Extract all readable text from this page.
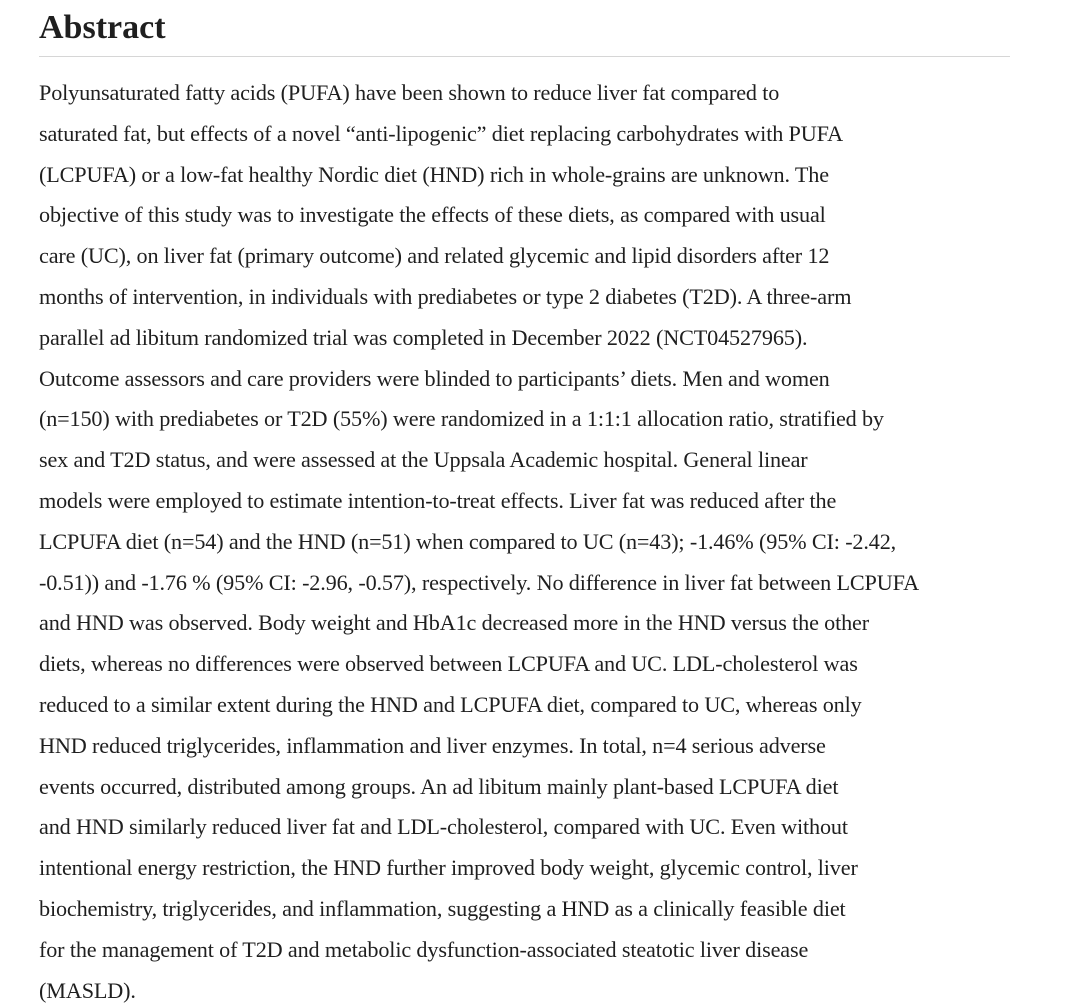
Abstract

Polyunsaturated fatty acids (PUFA) have been shown to reduce liver fat compared to
saturated fat, but effects of a novel “anti-lipogenic” diet replacing carbohydrates with PUFA
(LCPUFA) or a low-fat healthy Nordic diet (HND) rich in whole-grains are unknown. The
objective of this study was to investigate the effects of these diets, as compared with usual
care (UC), on liver fat (primary outcome) and related glycemic and lipid disorders after 12
months of intervention, in individuals with prediabetes or type 2 diabetes (T2D). A three-arm
parallel ad libitum randomized trial was completed in December 2022 (NCT04527965).
Outcome assessors and care providers were blinded to participants’ diets. Men and women
(n=150) with prediabetes or T2D (55%) were randomized in a 1:1:1 allocation ratio, stratified by
sex and T2D status, and were assessed at the Uppsala Academic hospital. General linear
models were employed to estimate intention-to-treat effects. Liver fat was reduced after the
LCPUFA diet (n=54) and the HND (n=51) when compared to UC (n=43); -1.46% (95% CI: -2.42,
-0.51)) and -1.76 % (95% CI: -2.96, -0.57), respectively. No difference in liver fat between LCPUFA
and HND was observed. Body weight and HbA1c decreased more in the HND versus the other
diets, whereas no differences were observed between LCPUFA and UC. LDL-cholesterol was
reduced to a similar extent during the HND and LCPUFA diet, compared to UC, whereas only
HND reduced triglycerides, inflammation and liver enzymes. In total, n=4 serious adverse
events occurred, distributed among groups. An ad libitum mainly plant-based LCPUFA diet
and HND similarly reduced liver fat and LDL-cholesterol, compared with UC. Even without
intentional energy restriction, the HND further improved body weight, glycemic control, liver
biochemistry, triglycerides, and inflammation, suggesting a HND as a clinically feasible diet
for the management of T2D and metabolic dysfunction-associated steatotic liver disease
(MASLD).
